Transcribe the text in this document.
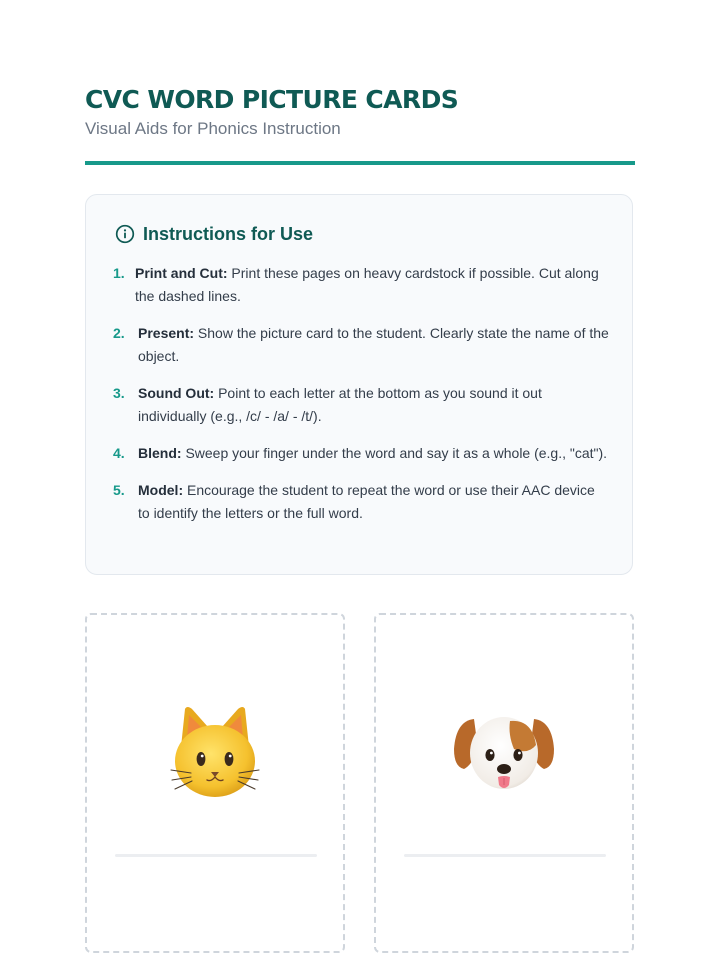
CVC WORD PICTURE CARDS

Visual Aids for Phonics Instruction

Instructions for Use
1. Print and Cut: Print these pages on heavy cardstock if possible. Cut along the dashed lines.
2. Present: Show the picture card to the student. Clearly state the name of the object.
3. Sound Out: Point to each letter at the bottom as you sound it out individually (e.g., /c/ - /a/ - /t/).
4. Blend: Sweep your finger under the word and say it as a whole (e.g., "cat").
5. Model: Encourage the student to repeat the word or use their AAC device to identify the letters or the full word.
